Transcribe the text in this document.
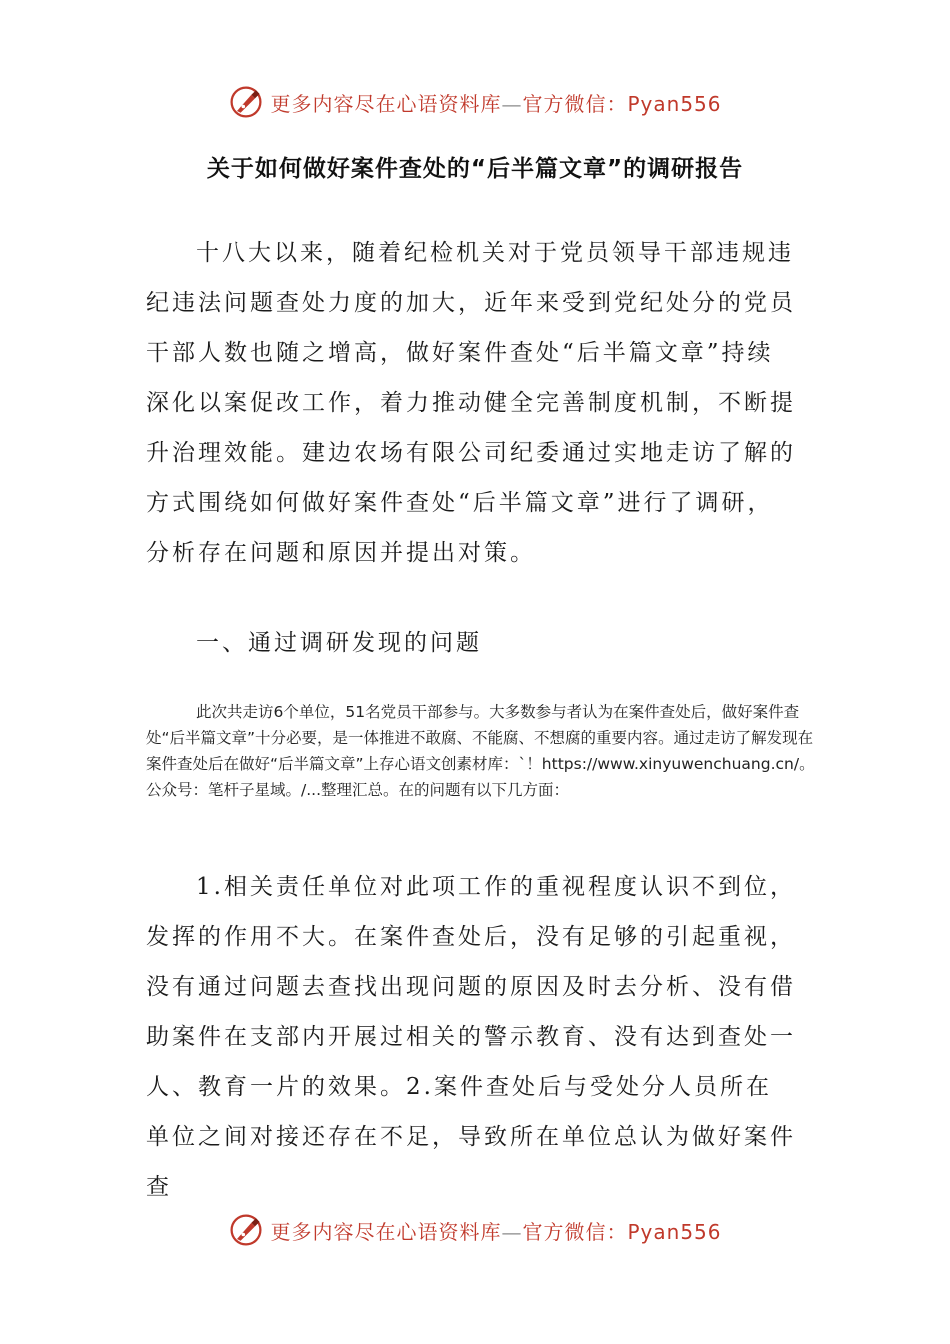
更多内容尽在心语资料库—官方微信：Pyan556
关于如何做好案件查处的“后半篇文章”的调研报告

十八大以来，随着纪检机关对于党员领导干部违规违纪违法问题查处力度的加大，近年来受到党纪处分的党员干部人数也随之增高，做好案件查处“后半篇文章”持续深化以案促改工作，着力推动健全完善制度机制，不断提升治理效能。建边农场有限公司纪委通过实地走访了解的方式围绕如何做好案件查处“后半篇文章”进行了调研，分析存在问题和原因并提出对策。

一、通过调研发现的问题

此次共走访6个单位，51名党员干部参与。大多数参与者认为在案件查处后，做好案件查处“后半篇文章”十分必要，是一体推进不敢腐、不能腐、不想腐的重要内容。通过走访了解发现在案件查处后在做好“后半篇文章”上存心语文创素材库：`！https://www.xinyuwenchuang.cn/。公众号：笔杆子星域。/...整理汇总。在的问题有以下几方面：

1.相关责任单位对此项工作的重视程度认识不到位，发挥的作用不大。在案件查处后，没有足够的引起重视，没有通过问题去查找出现问题的原因及时去分析、没有借助案件在支部内开展过相关的警示教育、没有达到查处一人、教育一片的效果。2.案件查处后与受处分人员所在单位之间对接还存在不足，导致所在单位总认为做好案件查

更多内容尽在心语资料库—官方微信：Pyan556
